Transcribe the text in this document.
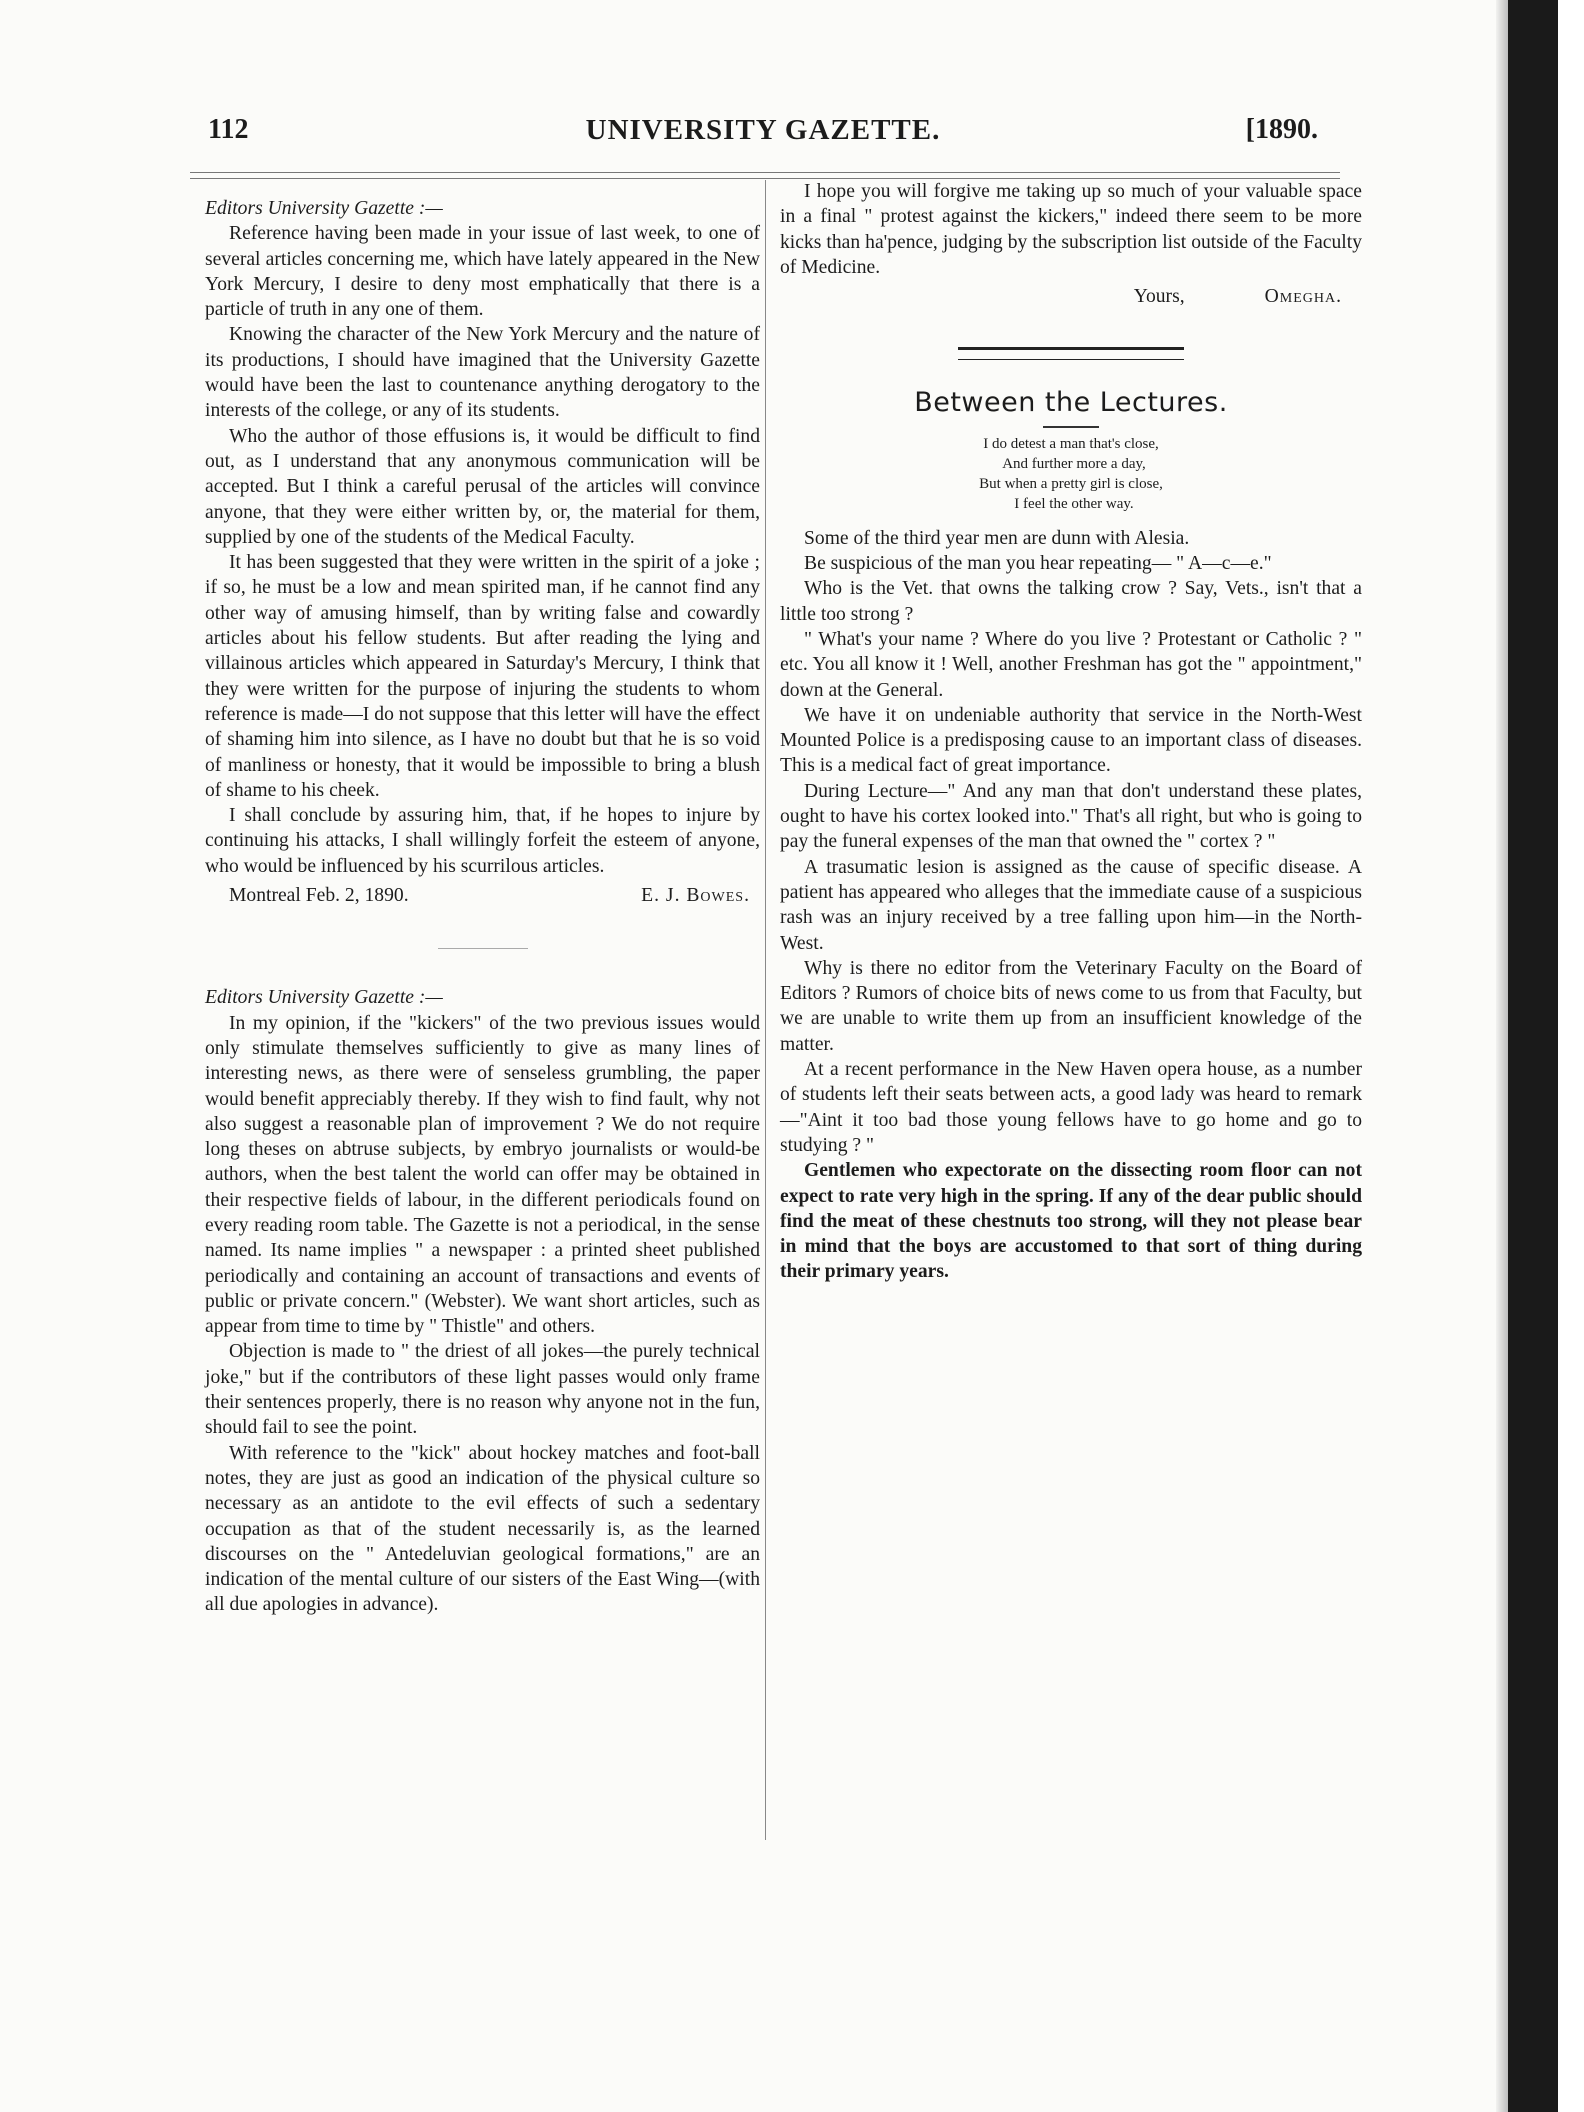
112	UNIVERSITY GAZETTE.	[1890.

Editors University Gazette :—

Reference having been made in your issue of last week, to one of several articles concerning me, which have lately appeared in the New York Mercury, I desire to deny most emphatically that there is a particle of truth in any one of them.

Knowing the character of the New York Mercury and the nature of its productions, I should have imagined that the University Gazette would have been the last to countenance anything derogatory to the interests of the college, or any of its students.

Who the author of those effusions is, it would be difficult to find out, as I understand that any anonymous communication will be accepted. But I think a careful perusal of the articles will convince anyone, that they were either written by, or, the material for them, supplied by one of the students of the Medical Faculty.

It has been suggested that they were written in the spirit of a joke ; if so, he must be a low and mean spirited man, if he cannot find any other way of amusing himself, than by writing false and cowardly articles about his fellow students. But after reading the lying and villainous articles which appeared in Saturday's Mercury, I think that they were written for the purpose of injuring the students to whom reference is made—I do not suppose that this letter will have the effect of shaming him into silence, as I have no doubt but that he is so void of manliness or honesty, that it would be impossible to bring a blush of shame to his cheek.

I shall conclude by assuring him, that, if he hopes to injure by continuing his attacks, I shall willingly forfeit the esteem of anyone, who would be influenced by his scurrilous articles.

Montreal Feb. 2, 1890.	E. J. Bowes.

Editors University Gazette :—

In my opinion, if the "kickers" of the two previous issues would only stimulate themselves sufficiently to give as many lines of interesting news, as there were of senseless grumbling, the paper would benefit appreciably thereby. If they wish to find fault, why not also suggest a reasonable plan of improvement ? We do not require long theses on abtruse subjects, by embryo journalists or would-be authors, when the best talent the world can offer may be obtained in their respective fields of labour, in the different periodicals found on every reading room table. The Gazette is not a periodical, in the sense named. Its name implies " a newspaper : a printed sheet published periodically and containing an account of transactions and events of public or private concern." (Webster). We want short articles, such as appear from time to time by " Thistle" and others.

Objection is made to " the driest of all jokes—the purely technical joke," but if the contributors of these light passes would only frame their sentences properly, there is no reason why anyone not in the fun, should fail to see the point.

With reference to the "kick" about hockey matches and foot-ball notes, they are just as good an indication of the physical culture so necessary as an antidote to the evil effects of such a sedentary occupation as that of the student necessarily is, as the learned discourses on the " Antedeluvian geological formations," are an indication of the mental culture of our sisters of the East Wing—(with all due apologies in advance).

I hope you will forgive me taking up so much of your valuable space in a final " protest against the kickers," indeed there seem to be more kicks than ha'pence, judging by the subscription list outside of the Faculty of Medicine.

Yours,	Omegha.
Between the Lectures.
I do detest a man that's close,
And further more a day,
But when a pretty girl is close,
I feel the other way.

Some of the third year men are dunn with Alesia.

Be suspicious of the man you hear repeating— " A—c—e."

Who is the Vet. that owns the talking crow ? Say, Vets., isn't that a little too strong ?

" What's your name ? Where do you live ? Protestant or Catholic ? " etc. You all know it ! Well, another Freshman has got the " appointment," down at the General.

We have it on undeniable authority that service in the North-West Mounted Police is a predisposing cause to an important class of diseases. This is a medical fact of great importance.

During Lecture—" And any man that don't understand these plates, ought to have his cortex looked into." That's all right, but who is going to pay the funeral expenses of the man that owned the " cortex ? "

A trasumatic lesion is assigned as the cause of specific disease. A patient has appeared who alleges that the immediate cause of a suspicious rash was an injury received by a tree falling upon him—in the North-West.

Why is there no editor from the Veterinary Faculty on the Board of Editors ? Rumors of choice bits of news come to us from that Faculty, but we are unable to write them up from an insufficient knowledge of the matter.

At a recent performance in the New Haven opera house, as a number of students left their seats between acts, a good lady was heard to remark—"Aint it too bad those young fellows have to go home and go to studying ? "

Gentlemen who expectorate on the dissecting room floor can not expect to rate very high in the spring. If any of the dear public should find the meat of these chestnuts too strong, will they not please bear in mind that the boys are accustomed to that sort of thing during their primary years.
